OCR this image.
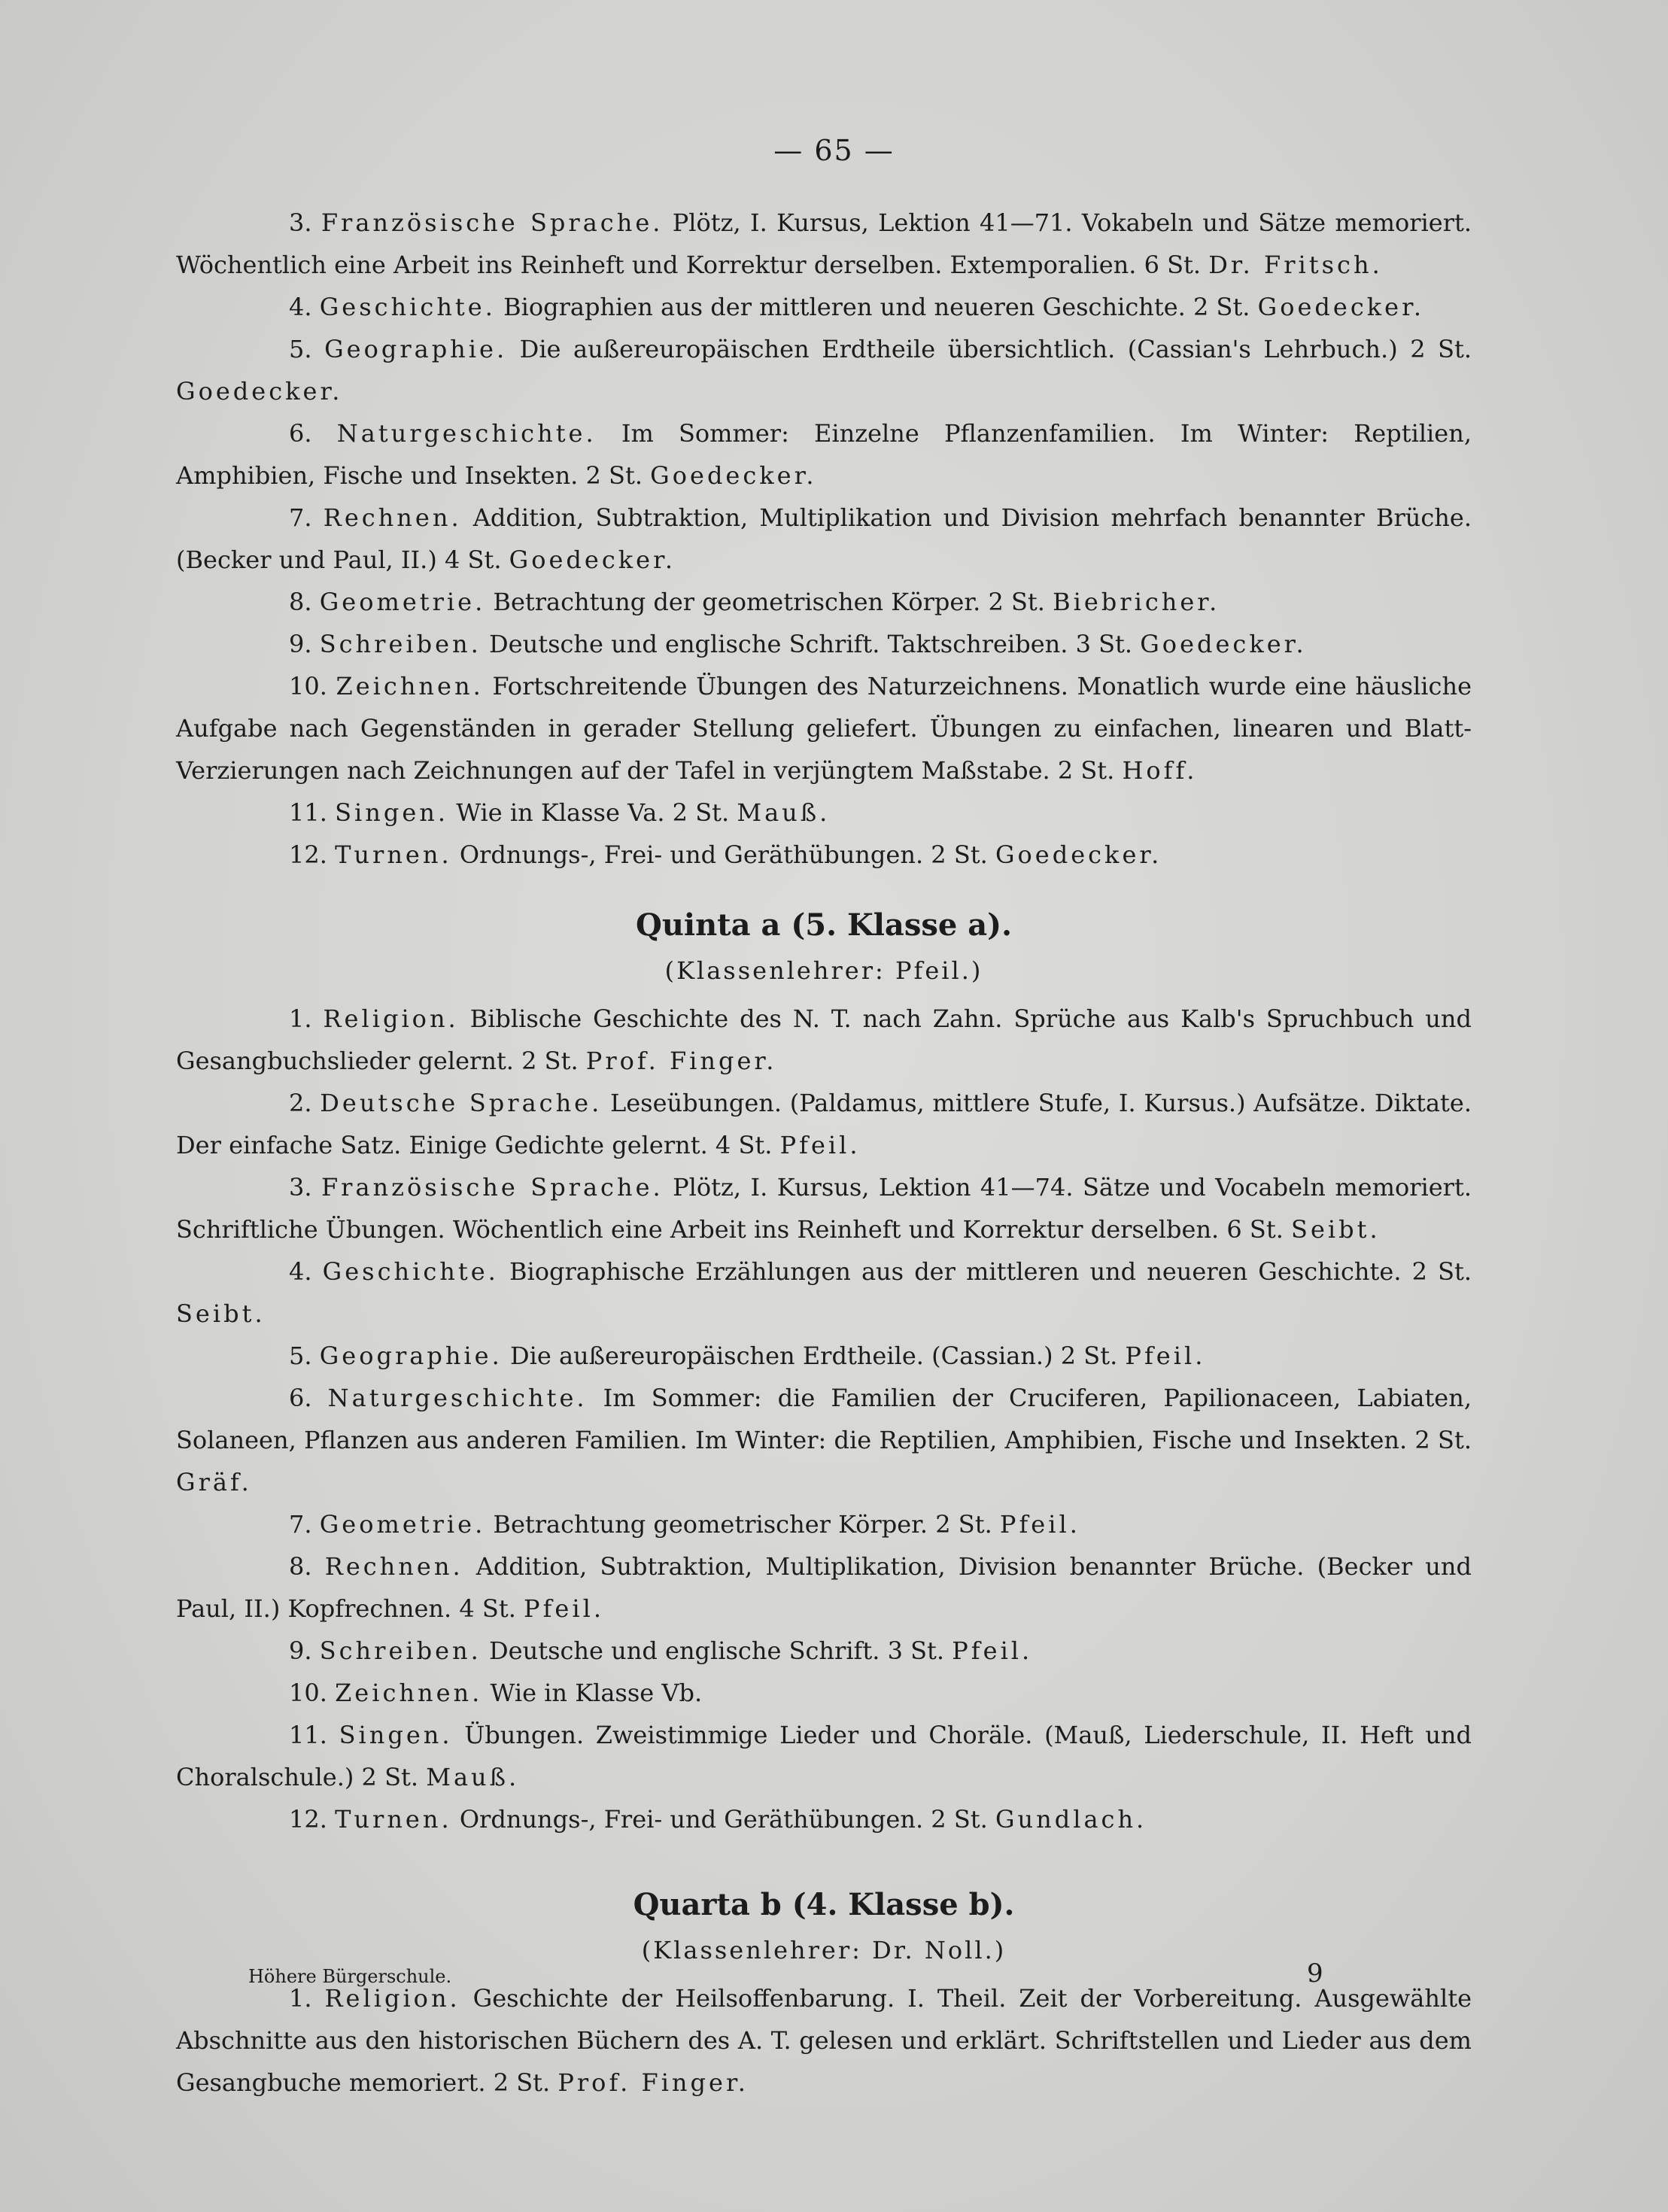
— 65 —

3. Französische Sprache. Plötz, I. Kursus, Lektion 41—71. Vokabeln und Sätze memoriert. Wöchentlich eine Arbeit ins Reinheft und Korrektur derselben. Extemporalien. 6 St. Dr. Fritsch.

4. Geschichte. Biographien aus der mittleren und neueren Geschichte. 2 St. Goedecker.

5. Geographie. Die außereuropäischen Erdtheile übersichtlich. (Cassian's Lehrbuch.) 2 St. Goedecker.

6. Naturgeschichte. Im Sommer: Einzelne Pflanzenfamilien. Im Winter: Reptilien, Amphibien, Fische und Insekten. 2 St. Goedecker.

7. Rechnen. Addition, Subtraktion, Multiplikation und Division mehrfach benannter Brüche. (Becker und Paul, II.) 4 St. Goedecker.

8. Geometrie. Betrachtung der geometrischen Körper. 2 St. Biebricher.

9. Schreiben. Deutsche und englische Schrift. Taktschreiben. 3 St. Goedecker.

10. Zeichnen. Fortschreitende Übungen des Naturzeichnens. Monatlich wurde eine häusliche Aufgabe nach Gegenständen in gerader Stellung geliefert. Übungen zu einfachen, linearen und Blatt-Verzierungen nach Zeichnungen auf der Tafel in verjüngtem Maßstabe. 2 St. Hoff.

11. Singen. Wie in Klasse Va. 2 St. Mauß.

12. Turnen. Ordnungs-, Frei- und Geräthübungen. 2 St. Goedecker.

Quinta a (5. Klasse a).
(Klassenlehrer: Pfeil.)

1. Religion. Biblische Geschichte des N. T. nach Zahn. Sprüche aus Kalb's Spruchbuch und Gesangbuchslieder gelernt. 2 St. Prof. Finger.

2. Deutsche Sprache. Leseübungen. (Paldamus, mittlere Stufe, I. Kursus.) Aufsätze. Diktate. Der einfache Satz. Einige Gedichte gelernt. 4 St. Pfeil.

3. Französische Sprache. Plötz, I. Kursus, Lektion 41—74. Sätze und Vocabeln memoriert. Schriftliche Übungen. Wöchentlich eine Arbeit ins Reinheft und Korrektur derselben. 6 St. Seibt.

4. Geschichte. Biographische Erzählungen aus der mittleren und neueren Geschichte. 2 St. Seibt.

5. Geographie. Die außereuropäischen Erdtheile. (Cassian.) 2 St. Pfeil.

6. Naturgeschichte. Im Sommer: die Familien der Cruciferen, Papilionaceen, Labiaten, Solaneen, Pflanzen aus anderen Familien. Im Winter: die Reptilien, Amphibien, Fische und Insekten. 2 St. Gräf.

7. Geometrie. Betrachtung geometrischer Körper. 2 St. Pfeil.

8. Rechnen. Addition, Subtraktion, Multiplikation, Division benannter Brüche. (Becker und Paul, II.) Kopfrechnen. 4 St. Pfeil.

9. Schreiben. Deutsche und englische Schrift. 3 St. Pfeil.

10. Zeichnen. Wie in Klasse Vb.

11. Singen. Übungen. Zweistimmige Lieder und Choräle. (Mauß, Liederschule, II. Heft und Choralschule.) 2 St. Mauß.

12. Turnen. Ordnungs-, Frei- und Geräthübungen. 2 St. Gundlach.

Quarta b (4. Klasse b).
(Klassenlehrer: Dr. Noll.)

1. Religion. Geschichte der Heilsoffenbarung. I. Theil. Zeit der Vorbereitung. Ausgewählte Abschnitte aus den historischen Büchern des A. T. gelesen und erklärt. Schriftstellen und Lieder aus dem Gesangbuche memoriert. 2 St. Prof. Finger.

Höhere Bürgerschule.	9
